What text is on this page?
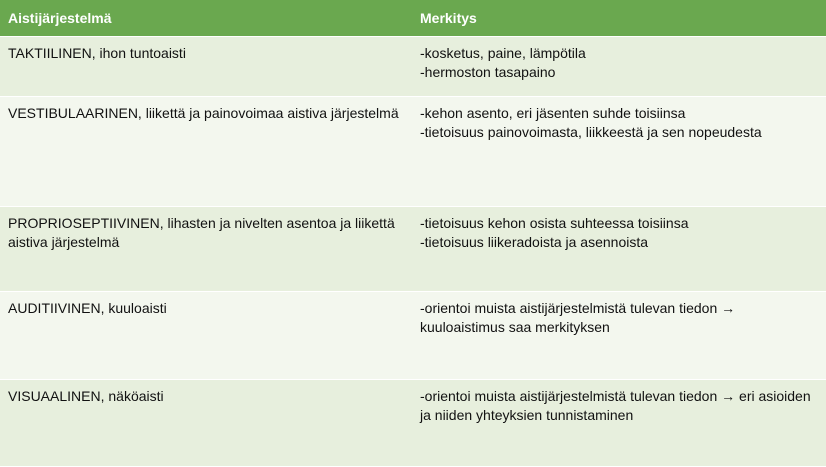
Aistijärjestelmä	Merkitys
TAKTIILINEN, ihon tuntoaisti	-kosketus, paine, lämpötila
-hermoston tasapaino
VESTIBULAARINEN, liikettä ja painovoimaa aistiva järjestelmä	-kehon asento, eri jäsenten suhde toisiinsa
-tietoisuus painovoimasta, liikkeestä ja sen nopeudesta
PROPRIOSEPTIIVINEN, lihasten ja nivelten asentoa ja liikettä aistiva järjestelmä
-tietoisuus kehon osista suhteessa toisiinsa
-tietoisuus liikeradoista ja asennoista
AUDITIIVINEN, kuuloaisti	-orientoi muista aistijärjestelmistä tulevan tiedon → kuuloaistimus saa merkityksen
VISUAALINEN, näköaisti	-orientoi muista aistijärjestelmistä tulevan tiedon → eri asioiden ja niiden yhteyksien tunnistaminen
